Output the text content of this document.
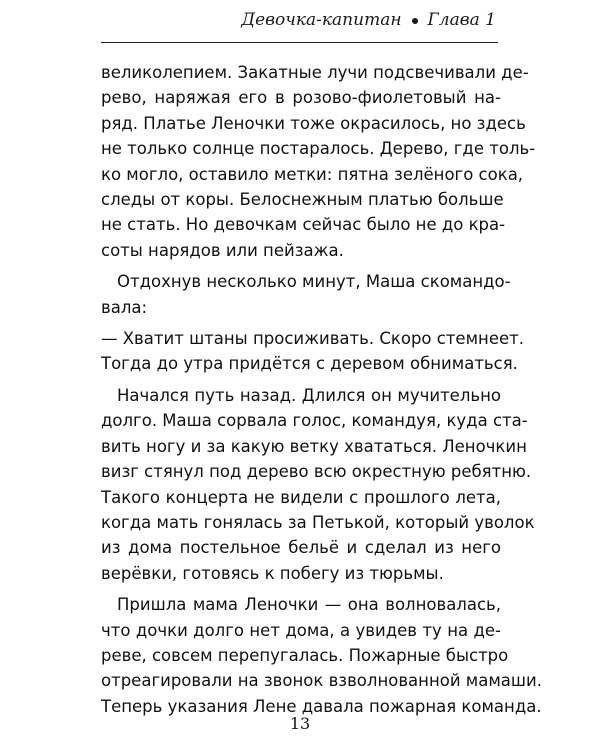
Девочка-капитан Глава 1

великолепием. Закатные лучи подсвечивали де-
рево, наряжая его в розово-фиолетовый на-
ряд. Платье Леночки тоже окрасилось, но здесь
не только солнце постаралось. Дерево, где толь-
ко могло, оставило метки: пятна зелёного сока,
следы от коры. Белоснежным платью больше
не стать. Но девочкам сейчас было не до кра-
соты нарядов или пейзажа.

Отдохнув несколько минут, Маша скомандо-
вала:

— Хватит штаны просиживать. Скоро стемнеет.
Тогда до утра придётся с деревом обниматься.

Начался путь назад. Длился он мучительно
долго. Маша сорвала голос, командуя, куда ста-
вить ногу и за какую ветку хвататься. Леночкин
визг стянул под дерево всю окрестную ребятню.
Такого концерта не видели с прошлого лета,
когда мать гонялась за Петькой, который уволок
из дома постельное бельё и сделал из него
верёвки, готовясь к побегу из тюрьмы.

Пришла мама Леночки — она волновалась,
что дочки долго нет дома, а увидев ту на де-
реве, совсем перепугалась. Пожарные быстро
отреагировали на звонок взволнованной мамаши.
Теперь указания Лене давала пожарная команда.

13
